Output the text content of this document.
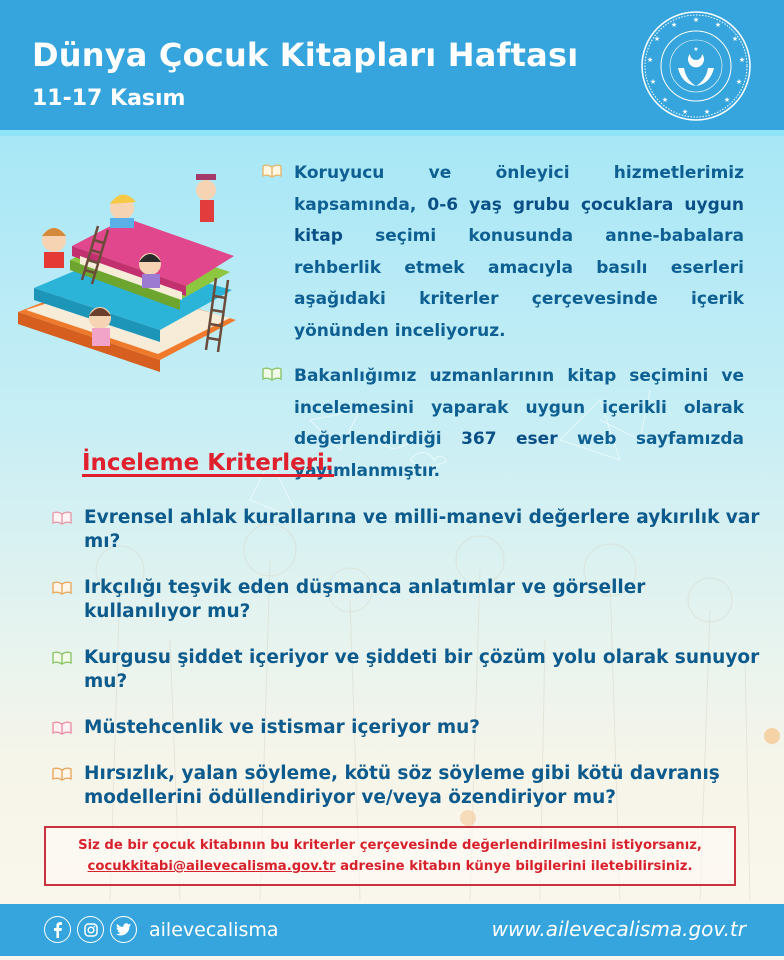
Dünya Çocuk Kitapları Haftası
11-17 Kasım
★
★
★
★
★
★
★
★
★
★
★
★
★
★

Koruyucu ve önleyici hizmetlerimiz kapsamında, 0-6 yaş grubu çocuklara uygun kitap seçimi konusunda anne-babalara rehberlik etmek amacıyla basılı eserleri aşağıdaki kriterler çerçevesinde içerik yönünden inceliyoruz.

Bakanlığımız uzmanlarının kitap seçimini ve incelemesini yaparak uygun içerikli olarak değerlendirdiği 367 eser web sayfamızda yayımlanmıştır.

İnceleme Kriterleri:
Evrensel ahlak kurallarına ve milli-manevi değerlere aykırılık var mı?
Irkçılığı teşvik eden düşmanca anlatımlar ve görseller kullanılıyor mu?
Kurgusu şiddet içeriyor ve şiddeti bir çözüm yolu olarak sunuyor mu?
Müstehcenlik ve istismar içeriyor mu?
Hırsızlık, yalan söyleme, kötü söz söyleme gibi kötü davranış modellerini ödüllendiriyor ve/veya özendiriyor mu?
Siz de bir çocuk kitabının bu kriterler çerçevesinde değerlendirilmesini istiyorsanız,
cocukkitabi@ailevecalisma.gov.tr adresine kitabın künye bilgilerini iletebilirsiniz.
ailevecalisma	www.ailevecalisma.gov.tr
